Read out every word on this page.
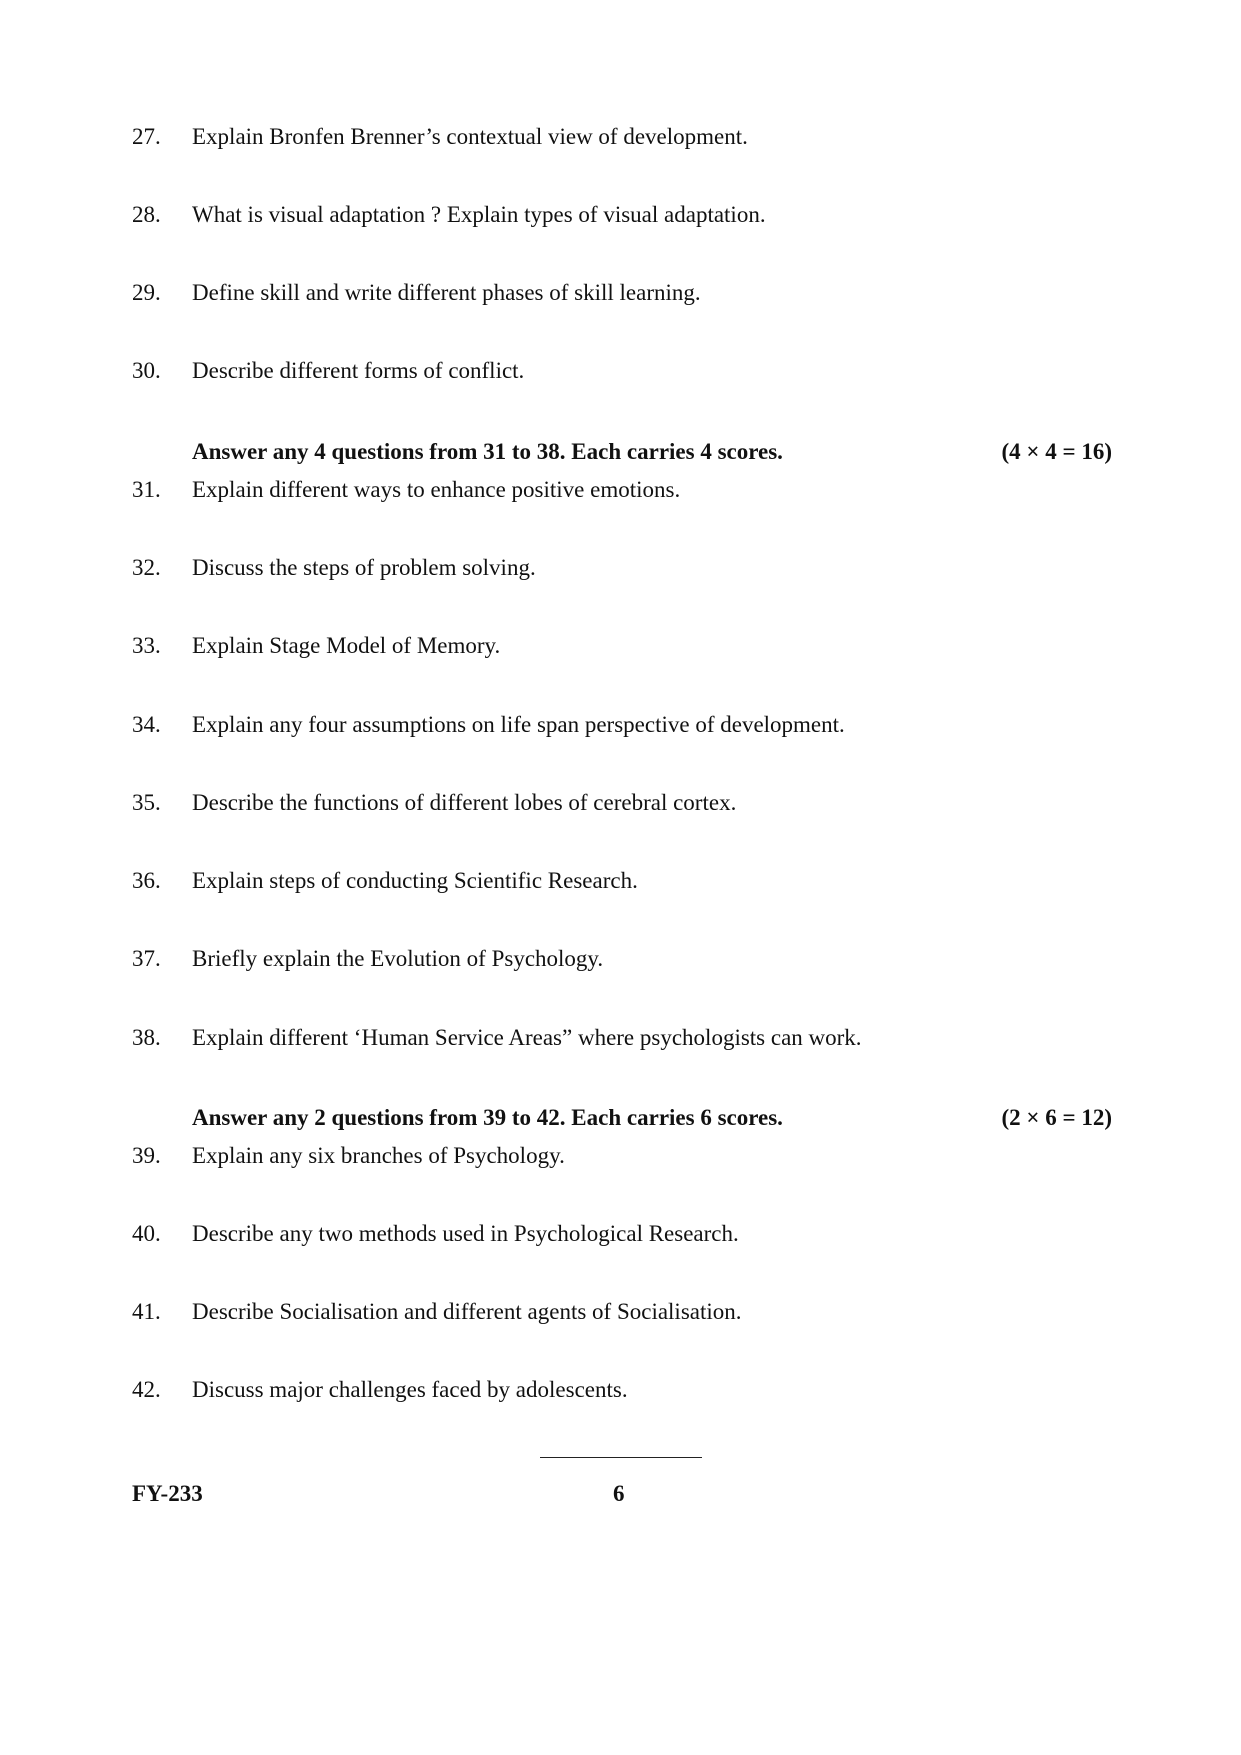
27.	Explain Bronfen Brenner’s contextual view of development.
28.	What is visual adaptation ? Explain types of visual adaptation.
29.	Define skill and write different phases of skill learning.
30.	Describe different forms of conflict.
Answer any 4 questions from 31 to 38. Each carries 4 scores.	(4 × 4 = 16)
31.	Explain different ways to enhance positive emotions.
32.	Discuss the steps of problem solving.
33.	Explain Stage Model of Memory.
34.	Explain any four assumptions on life span perspective of development.
35.	Describe the functions of different lobes of cerebral cortex.
36.	Explain steps of conducting Scientific Research.
37.	Briefly explain the Evolution of Psychology.
38.	Explain different ‘Human Service Areas” where psychologists can work.
Answer any 2 questions from 39 to 42. Each carries 6 scores.	(2 × 6 = 12)
39.	Explain any six branches of Psychology.
40.	Describe any two methods used in Psychological Research.
41.	Describe Socialisation and different agents of Socialisation.
42.	Discuss major challenges faced by adolescents.
FY-233	6
